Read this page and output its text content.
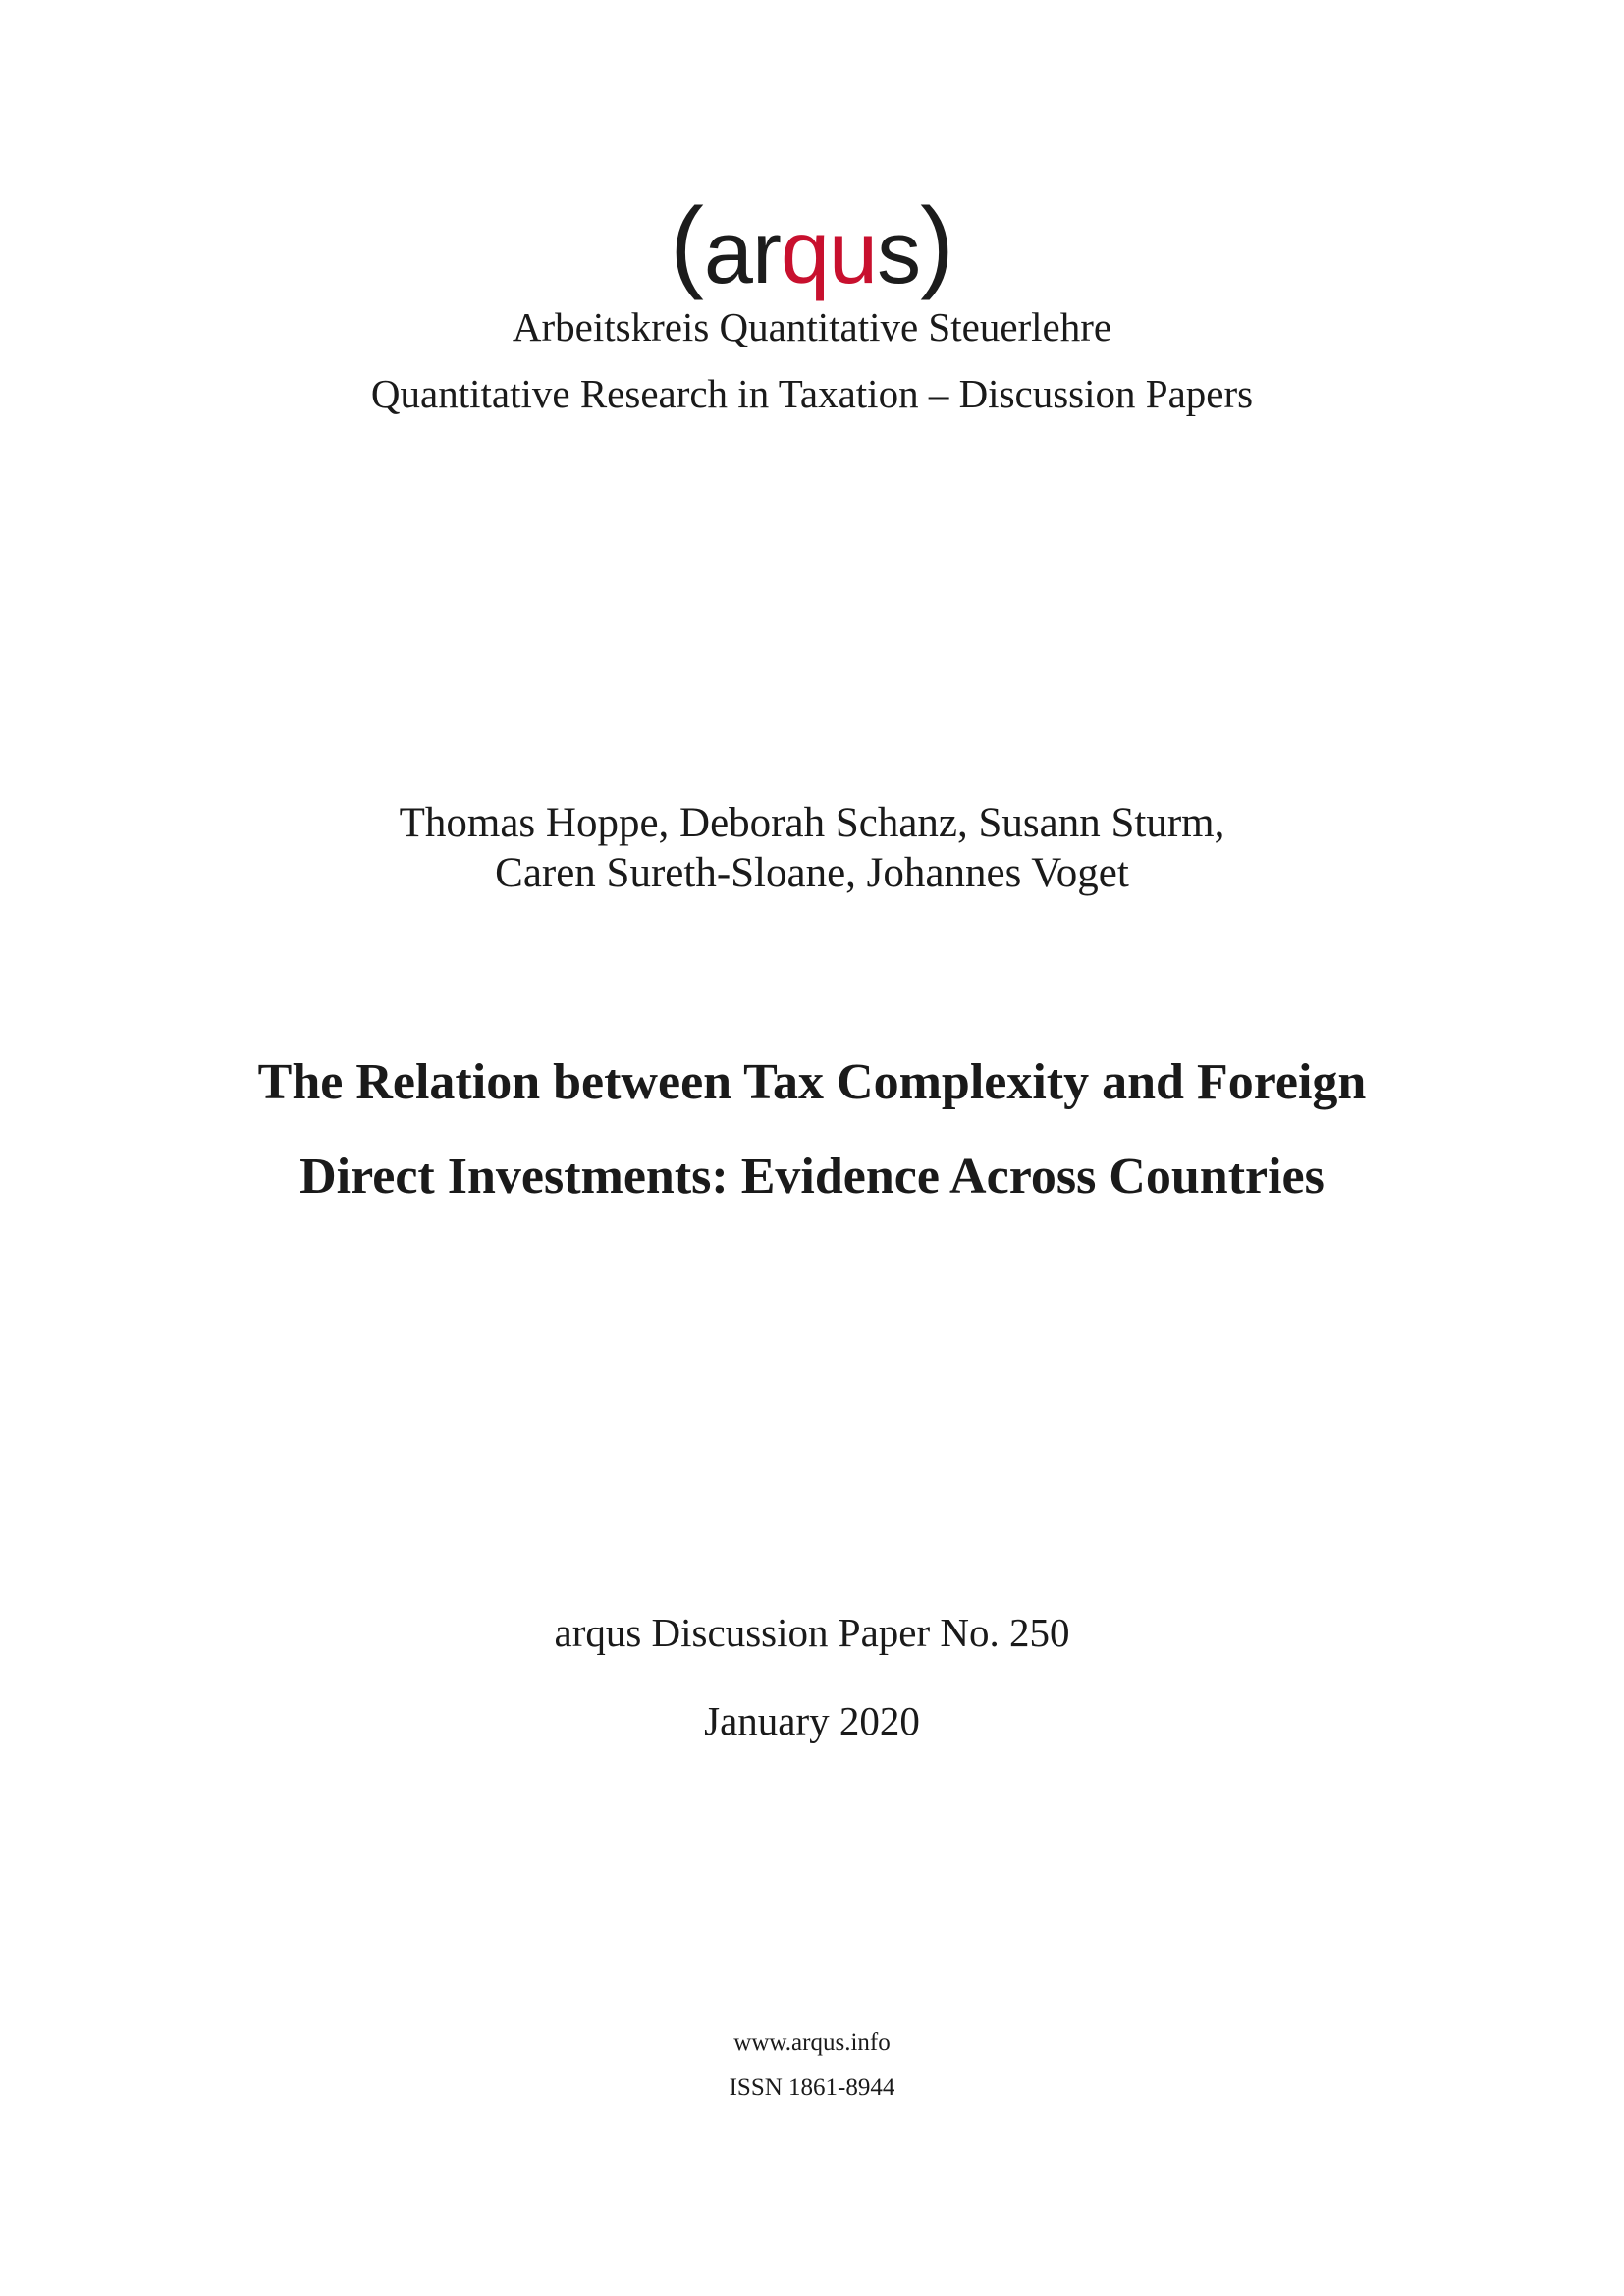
(arqus)
Arbeitskreis Quantitative Steuerlehre
Quantitative Research in Taxation – Discussion Papers
Thomas Hoppe, Deborah Schanz, Susann Sturm,
Caren Sureth-Sloane, Johannes Voget
The Relation between Tax Complexity and Foreign
Direct Investments: Evidence Across Countries
arqus Discussion Paper No. 250
January 2020
www.arqus.info
ISSN 1861-8944
